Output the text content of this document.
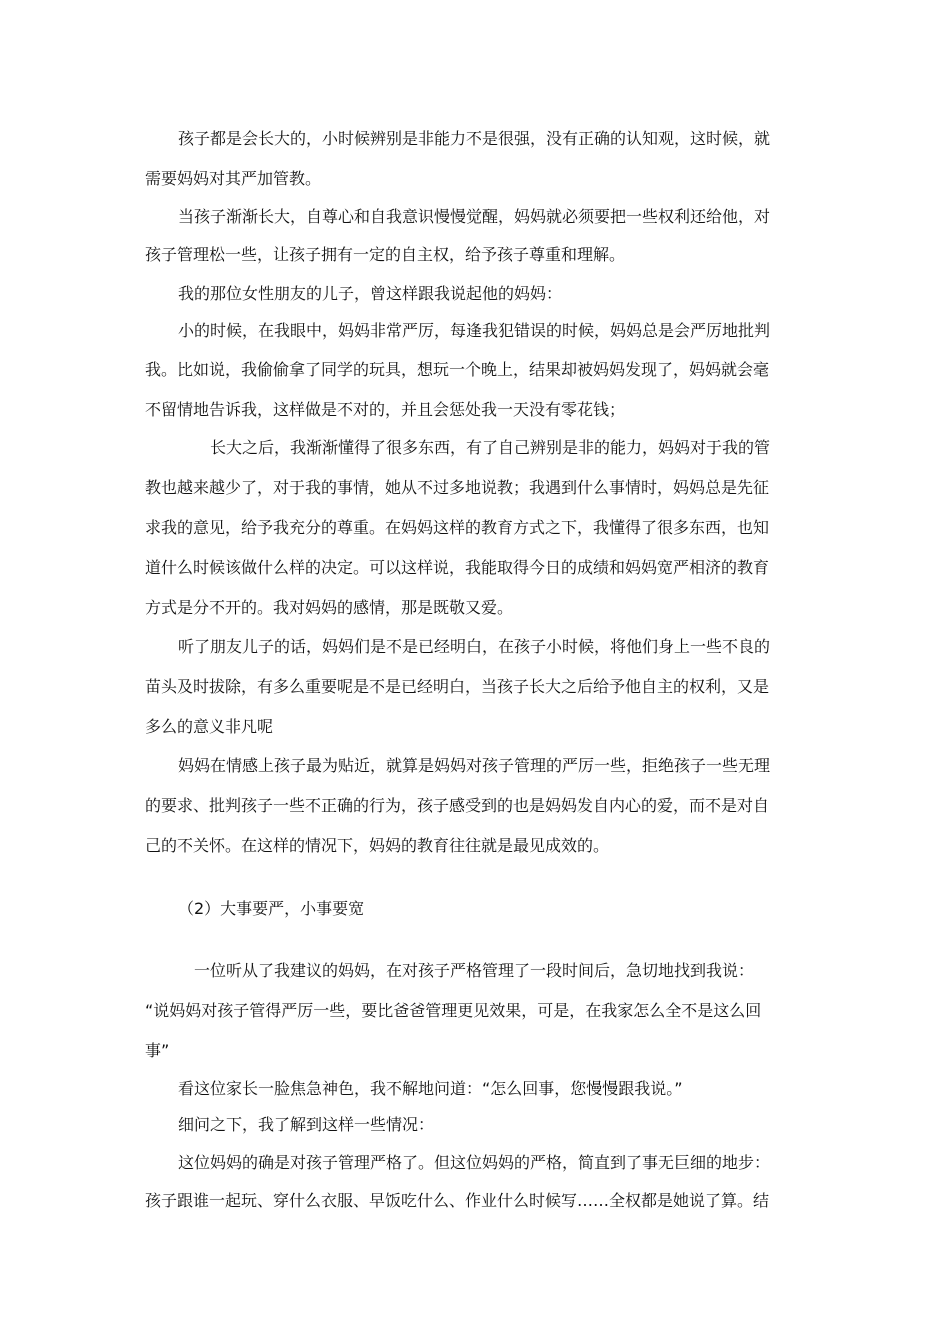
孩子都是会长大的，小时候辨别是非能力不是很强，没有正确的认知观，这时候，就
需要妈妈对其严加管教。
当孩子渐渐长大，自尊心和自我意识慢慢觉醒，妈妈就必须要把一些权利还给他，对
孩子管理松一些，让孩子拥有一定的自主权，给予孩子尊重和理解。
我的那位女性朋友的儿子，曾这样跟我说起他的妈妈：
小的时候，在我眼中，妈妈非常严厉，每逢我犯错误的时候，妈妈总是会严厉地批判
我。比如说，我偷偷拿了同学的玩具，想玩一个晚上，结果却被妈妈发现了，妈妈就会毫
不留情地告诉我，这样做是不对的，并且会惩处我一天没有零花钱；
长大之后，我渐渐懂得了很多东西，有了自己辨别是非的能力，妈妈对于我的管
教也越来越少了，对于我的事情，她从不过多地说教；我遇到什么事情时，妈妈总是先征
求我的意见，给予我充分的尊重。在妈妈这样的教育方式之下，我懂得了很多东西，也知
道什么时候该做什么样的决定。可以这样说，我能取得今日的成绩和妈妈宽严相济的教育
方式是分不开的。我对妈妈的感情，那是既敬又爱。
听了朋友儿子的话，妈妈们是不是已经明白，在孩子小时候，将他们身上一些不良的
苗头及时拔除，有多么重要呢是不是已经明白，当孩子长大之后给予他自主的权利，又是
多么的意义非凡呢
妈妈在情感上孩子最为贴近，就算是妈妈对孩子管理的严厉一些，拒绝孩子一些无理
的要求、批判孩子一些不正确的行为，孩子感受到的也是妈妈发自内心的爱，而不是对自
己的不关怀。在这样的情况下，妈妈的教育往往就是最见成效的。
（2）大事要严，小事要宽
一位听从了我建议的妈妈，在对孩子严格管理了一段时间后，急切地找到我说：
“说妈妈对孩子管得严厉一些，要比爸爸管理更见效果，可是，在我家怎么全不是这么回
事”
看这位家长一脸焦急神色，我不解地问道：“怎么回事，您慢慢跟我说。”
细问之下，我了解到这样一些情况：
这位妈妈的确是对孩子管理严格了。但这位妈妈的严格，简直到了事无巨细的地步：
孩子跟谁一起玩、穿什么衣服、早饭吃什么、作业什么时候写……全权都是她说了算。结
